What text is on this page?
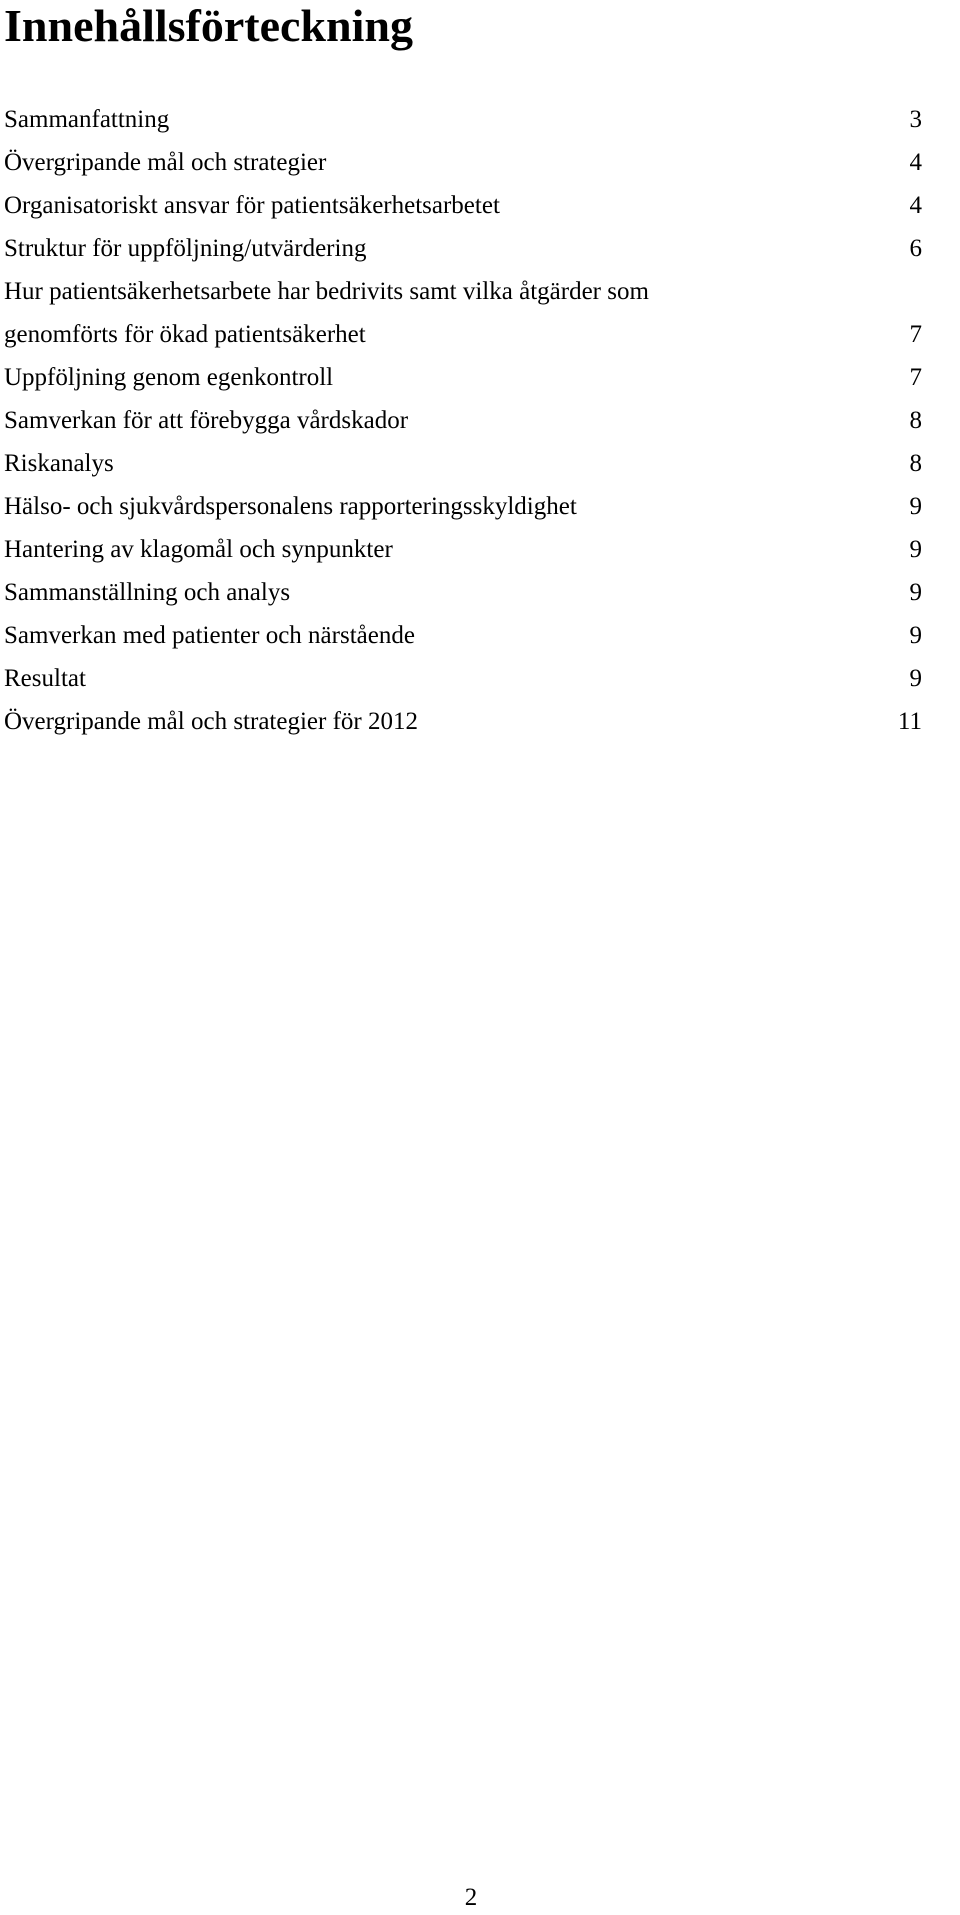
Innehållsförteckning
Sammanfattning	3
Övergripande mål och strategier	4
Organisatoriskt ansvar för patientsäkerhetsarbetet	4
Struktur för uppföljning/utvärdering	6
Hur patientsäkerhetsarbete har bedrivits samt vilka åtgärder som
genomförts för ökad patientsäkerhet	7
Uppföljning genom egenkontroll	7
Samverkan för att förebygga vårdskador	8
Riskanalys	8
Hälso- och sjukvårdspersonalens rapporteringsskyldighet	9
Hantering av klagomål och synpunkter	9
Sammanställning och analys	9
Samverkan med patienter och närstående	9
Resultat	9
Övergripande mål och strategier för 2012	11

2
